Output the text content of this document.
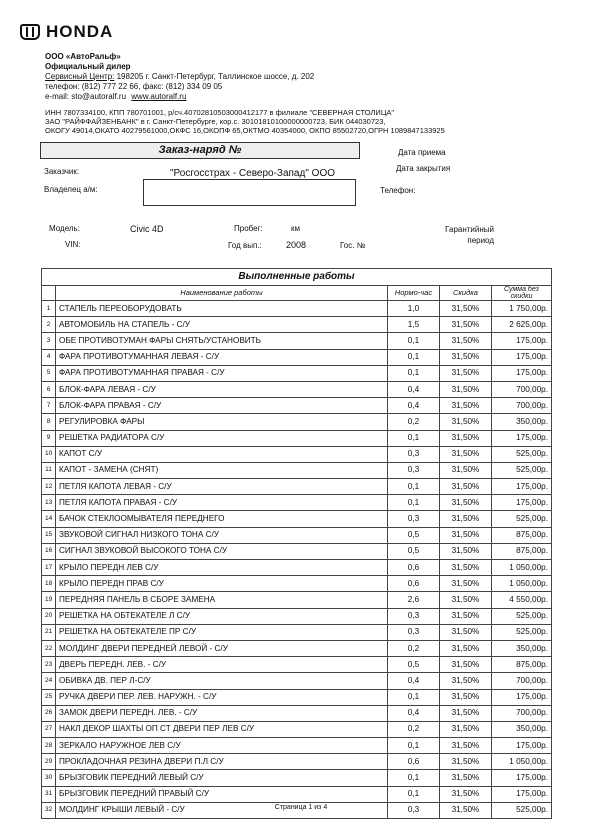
HONDA
ООО «АвтоРальф»
Официальный дилер
Сервисный Центр: 198205 г. Санкт-Петербург, Таллинское шоссе, д. 202
телефон: (812) 777 22 66, факс: (812) 334 09 05
e-mail: sto@autoralf.ru www.autoralf.ru
ИНН 7807334100, КПП 780701001, р/сч.40702810503000412177 в филиале "СЕВЕРНАЯ СТОЛИЦА"
ЗАО "РАЙФФАЙЗЕНБАНК" в г. Санкт-Петербурге, кор.с. 30101810100000000723, БИК 044030723,
ОКОГУ 49014,ОКАТО 40279561000,ОКФС 16,ОКОПФ 65,ОКТМО 40354000, ОКПО 85502720,ОГРН 1089847133925
Заказ-наряд №	Дата приема
Дата закрытия
Заказчик:	"Росгосстрах - Северо-Запад" ООО
Владелец а/м:	Телефон:
Модель:	Civic 4D	Пробег:	км	Гарантийный период
VIN:	Год вып.:	2008	Гос. №
Выполненные работы				
	Наименование работы	Нормо-час	Скидка	Сумма без скидки
1	СТАПЕЛЬ ПЕРЕОБОРУДОВАТЬ	1,0	31,50%	1 750,00р.
2	АВТОМОБИЛЬ НА СТАПЕЛЬ - С/У	1,5	31,50%	2 625,00р.
3	ОБЕ ПРОТИВОТУМАН ФАРЫ СНЯТЬ/УСТАНОВИТЬ	0,1	31,50%	175,00р.
4	ФАРА ПРОТИВОТУМАННАЯ ЛЕВАЯ - С/У	0,1	31,50%	175,00р.
5	ФАРА ПРОТИВОТУМАННАЯ ПРАВАЯ - С/У	0,1	31,50%	175,00р.
6	БЛОК-ФАРА ЛЕВАЯ - С/У	0,4	31,50%	700,00р.
7	БЛОК-ФАРА ПРАВАЯ - С/У	0,4	31,50%	700,00р.
8	РЕГУЛИРОВКА ФАРЫ	0,2	31,50%	350,00р.
9	РЕШЕТКА РАДИАТОРА С/У	0,1	31,50%	175,00р.
10	КАПОТ С/У	0,3	31,50%	525,00р.
11	КАПОТ - ЗАМЕНА (СНЯТ)	0,3	31,50%	525,00р.
12	ПЕТЛЯ КАПОТА ЛЕВАЯ - С/У	0,1	31,50%	175,00р.
13	ПЕТЛЯ КАПОТА ПРАВАЯ - С/У	0,1	31,50%	175,00р.
14	БАЧОК СТЕКЛООМЫВАТЕЛЯ ПЕРЕДНЕГО	0,3	31,50%	525,00р.
15	ЗВУКОВОЙ СИГНАЛ НИЗКОГО ТОНА С/У	0,5	31,50%	875,00р.
16	СИГНАЛ ЗВУКОВОЙ ВЫСОКОГО ТОНА С/У	0,5	31,50%	875,00р.
17	КРЫЛО ПЕРЕДН ЛЕВ С/У	0,6	31,50%	1 050,00р.
18	КРЫЛО ПЕРЕДН ПРАВ С/У	0,6	31,50%	1 050,00р.
19	ПЕРЕДНЯЯ ПАНЕЛЬ В СБОРЕ ЗАМЕНА	2,6	31,50%	4 550,00р.
20	РЕШЕТКА НА ОБТЕКАТЕЛЕ Л С/У	0,3	31,50%	525,00р.
21	РЕШЕТКА НА ОБТЕКАТЕЛЕ ПР С/У	0,3	31,50%	525,00р.
22	МОЛДИНГ ДВЕРИ ПЕРЕДНЕЙ ЛЕВОЙ - С/У	0,2	31,50%	350,00р.
23	ДВЕРЬ ПЕРЕДН. ЛЕВ. - С/У	0,5	31,50%	875,00р.
24	ОБИВКА ДВ. ПЕР Л-С/У	0,4	31,50%	700,00р.
25	РУЧКА ДВЕРИ ПЕР. ЛЕВ. НАРУЖН. - С/У	0,1	31,50%	175,00р.
26	ЗАМОК ДВЕРИ ПЕРЕДН. ЛЕВ. - С/У	0,4	31,50%	700,00р.
27	НАКЛ ДЕКОР ШАХТЫ ОП СТ ДВЕРИ ПЕР ЛЕВ С/У	0,2	31,50%	350,00р.
28	ЗЕРКАЛО НАРУЖНОЕ ЛЕВ С/У	0,1	31,50%	175,00р.
29	ПРОКЛАДОЧНАЯ РЕЗИНА ДВЕРИ П.Л С/У	0,6	31,50%	1 050,00р.
30	БРЫЗГОВИК ПЕРЕДНИЙ ЛЕВЫЙ С/У	0,1	31,50%	175,00р.
31	БРЫЗГОВИК ПЕРЕДНИЙ ПРАВЫЙ С/У	0,1	31,50%	175,00р.
32	МОЛДИНГ КРЫШИ ЛЕВЫЙ - С/У	0,3	31,50%	525,00р.
Страница 1 из 4
